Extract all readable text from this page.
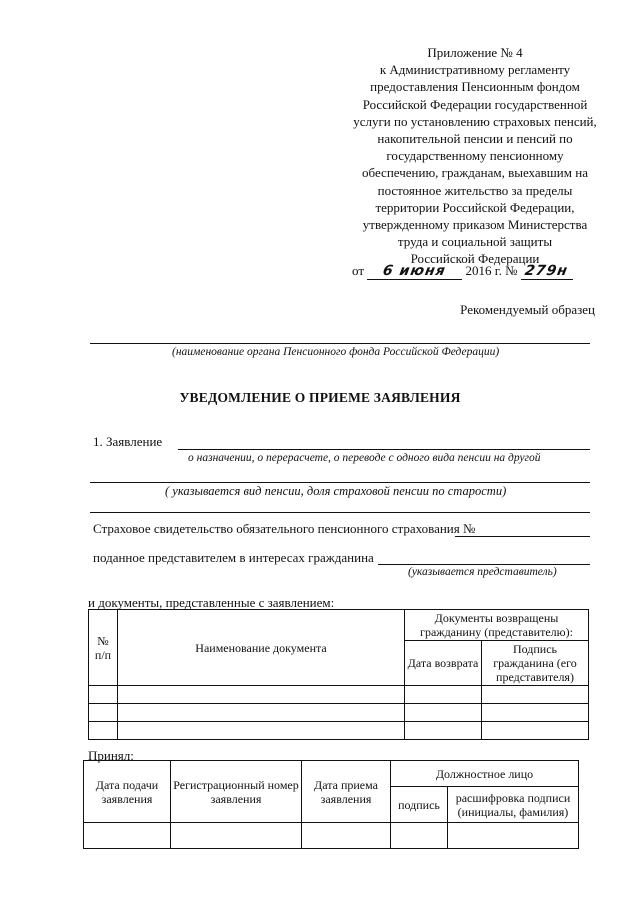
Приложение № 4
к Административному регламенту
предоставления Пенсионным фондом
Российской Федерации государственной
услуги по установлению страховых пенсий,
накопительной пенсии и пенсий по
государственному пенсионному
обеспечению, гражданам, выехавшим на
постоянное жительство за пределы
территории Российской Федерации,
утвержденному приказом Министерства
труда и социальной защиты
Российской Федерации
от 6 июня 2016 г. № 279н
Рекомендуемый образец
(наименование органа Пенсионного фонда Российской Федерации)
УВЕДОМЛЕНИЕ О ПРИЕМЕ ЗАЯВЛЕНИЯ
1. Заявление
о назначении, о перерасчете, о переводе с одного вида пенсии на другой
( указывается вид пенсии, доля страховой пенсии по старости)
Страховое свидетельство обязательного пенсионного страхования №
поданное представителем в интересах гражданина
(указывается представитель)
и документы, представленные с заявлением:
№ п/п	Наименование документа	Документы возвращены гражданину (представителю):	
		Дата возврата	Подпись гражданина (его представителя)

Принял:
Дата подачи заявления	Регистрационный номер заявления	Дата приема заявления	Должностное лицо	
			подпись	расшифровка подписи (инициалы, фамилия)
